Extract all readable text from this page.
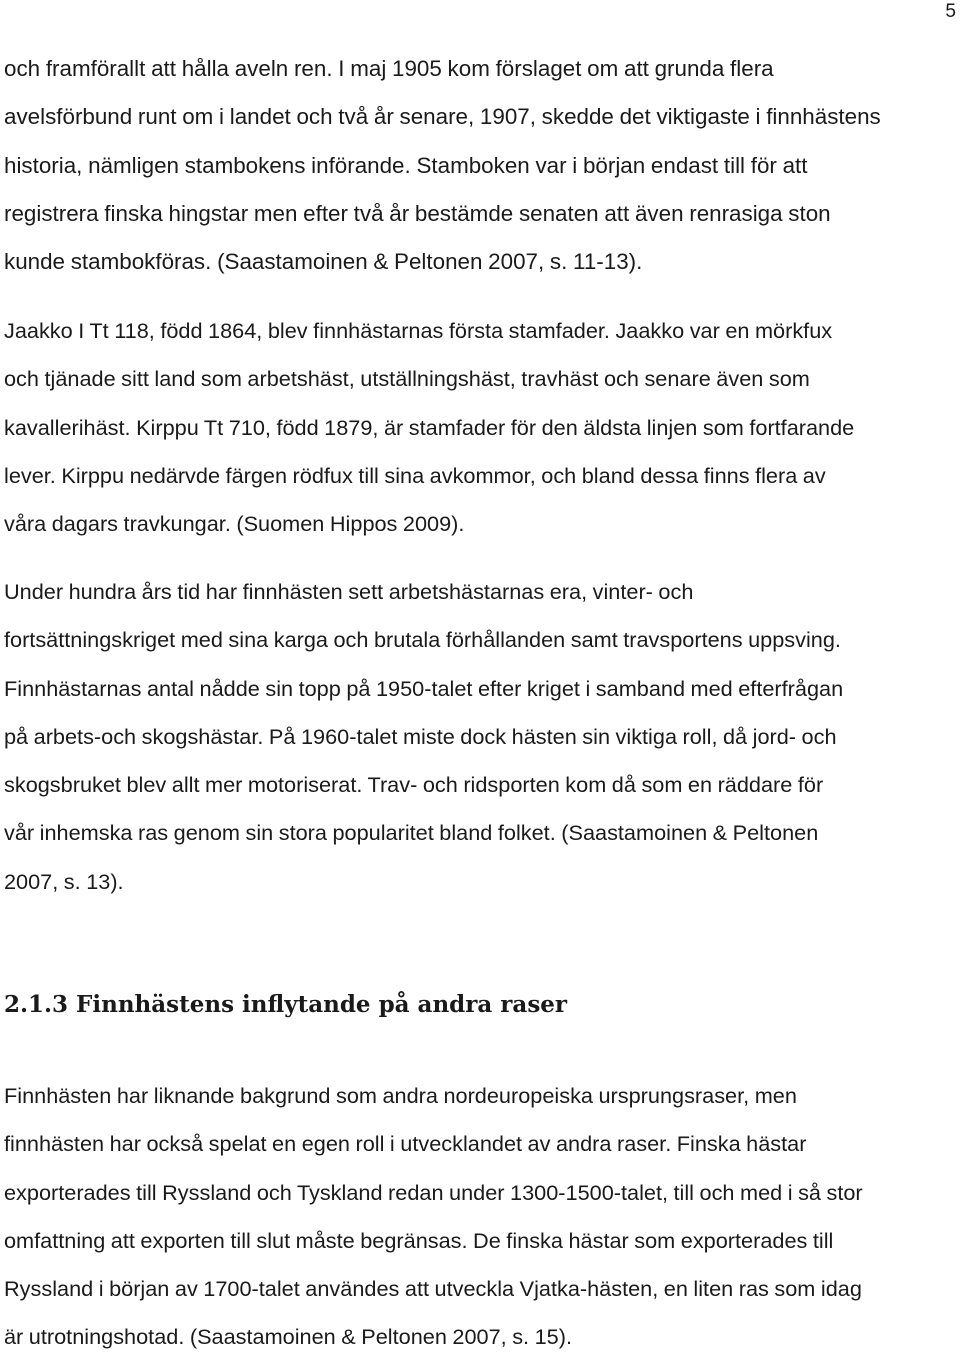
5

och framförallt att hålla aveln ren. I maj 1905 kom förslaget om att grunda flera
avelsförbund runt om i landet och två år senare, 1907, skedde det viktigaste i finnhästens
historia, nämligen stambokens införande. Stamboken var i början endast till för att
registrera finska hingstar men efter två år bestämde senaten att även renrasiga ston
kunde stambokföras. (Saastamoinen & Peltonen 2007, s. 11-13).

Jaakko I Tt 118, född 1864, blev finnhästarnas första stamfader. Jaakko var en mörkfux
och tjänade sitt land som arbetshäst, utställningshäst, travhäst och senare även som
kavallerihäst. Kirppu Tt 710, född 1879, är stamfader för den äldsta linjen som fortfarande
lever. Kirppu nedärvde färgen rödfux till sina avkommor, och bland dessa finns flera av
våra dagars travkungar. (Suomen Hippos 2009).

Under hundra års tid har finnhästen sett arbetshästarnas era, vinter- och
fortsättningskriget med sina karga och brutala förhållanden samt travsportens uppsving.
Finnhästarnas antal nådde sin topp på 1950-talet efter kriget i samband med efterfrågan
på arbets-och skogshästar. På 1960-talet miste dock hästen sin viktiga roll, då jord- och
skogsbruket blev allt mer motoriserat. Trav- och ridsporten kom då som en räddare för
vår inhemska ras genom sin stora popularitet bland folket. (Saastamoinen & Peltonen
2007, s. 13).

2.1.3 Finnhästens inflytande på andra raser

Finnhästen har liknande bakgrund som andra nordeuropeiska ursprungsraser, men
finnhästen har också spelat en egen roll i utvecklandet av andra raser. Finska hästar
exporterades till Ryssland och Tyskland redan under 1300-1500-talet, till och med i så stor
omfattning att exporten till slut måste begränsas. De finska hästar som exporterades till
Ryssland i början av 1700-talet användes att utveckla Vjatka-hästen, en liten ras som idag
är utrotningshotad. (Saastamoinen & Peltonen 2007, s. 15).
